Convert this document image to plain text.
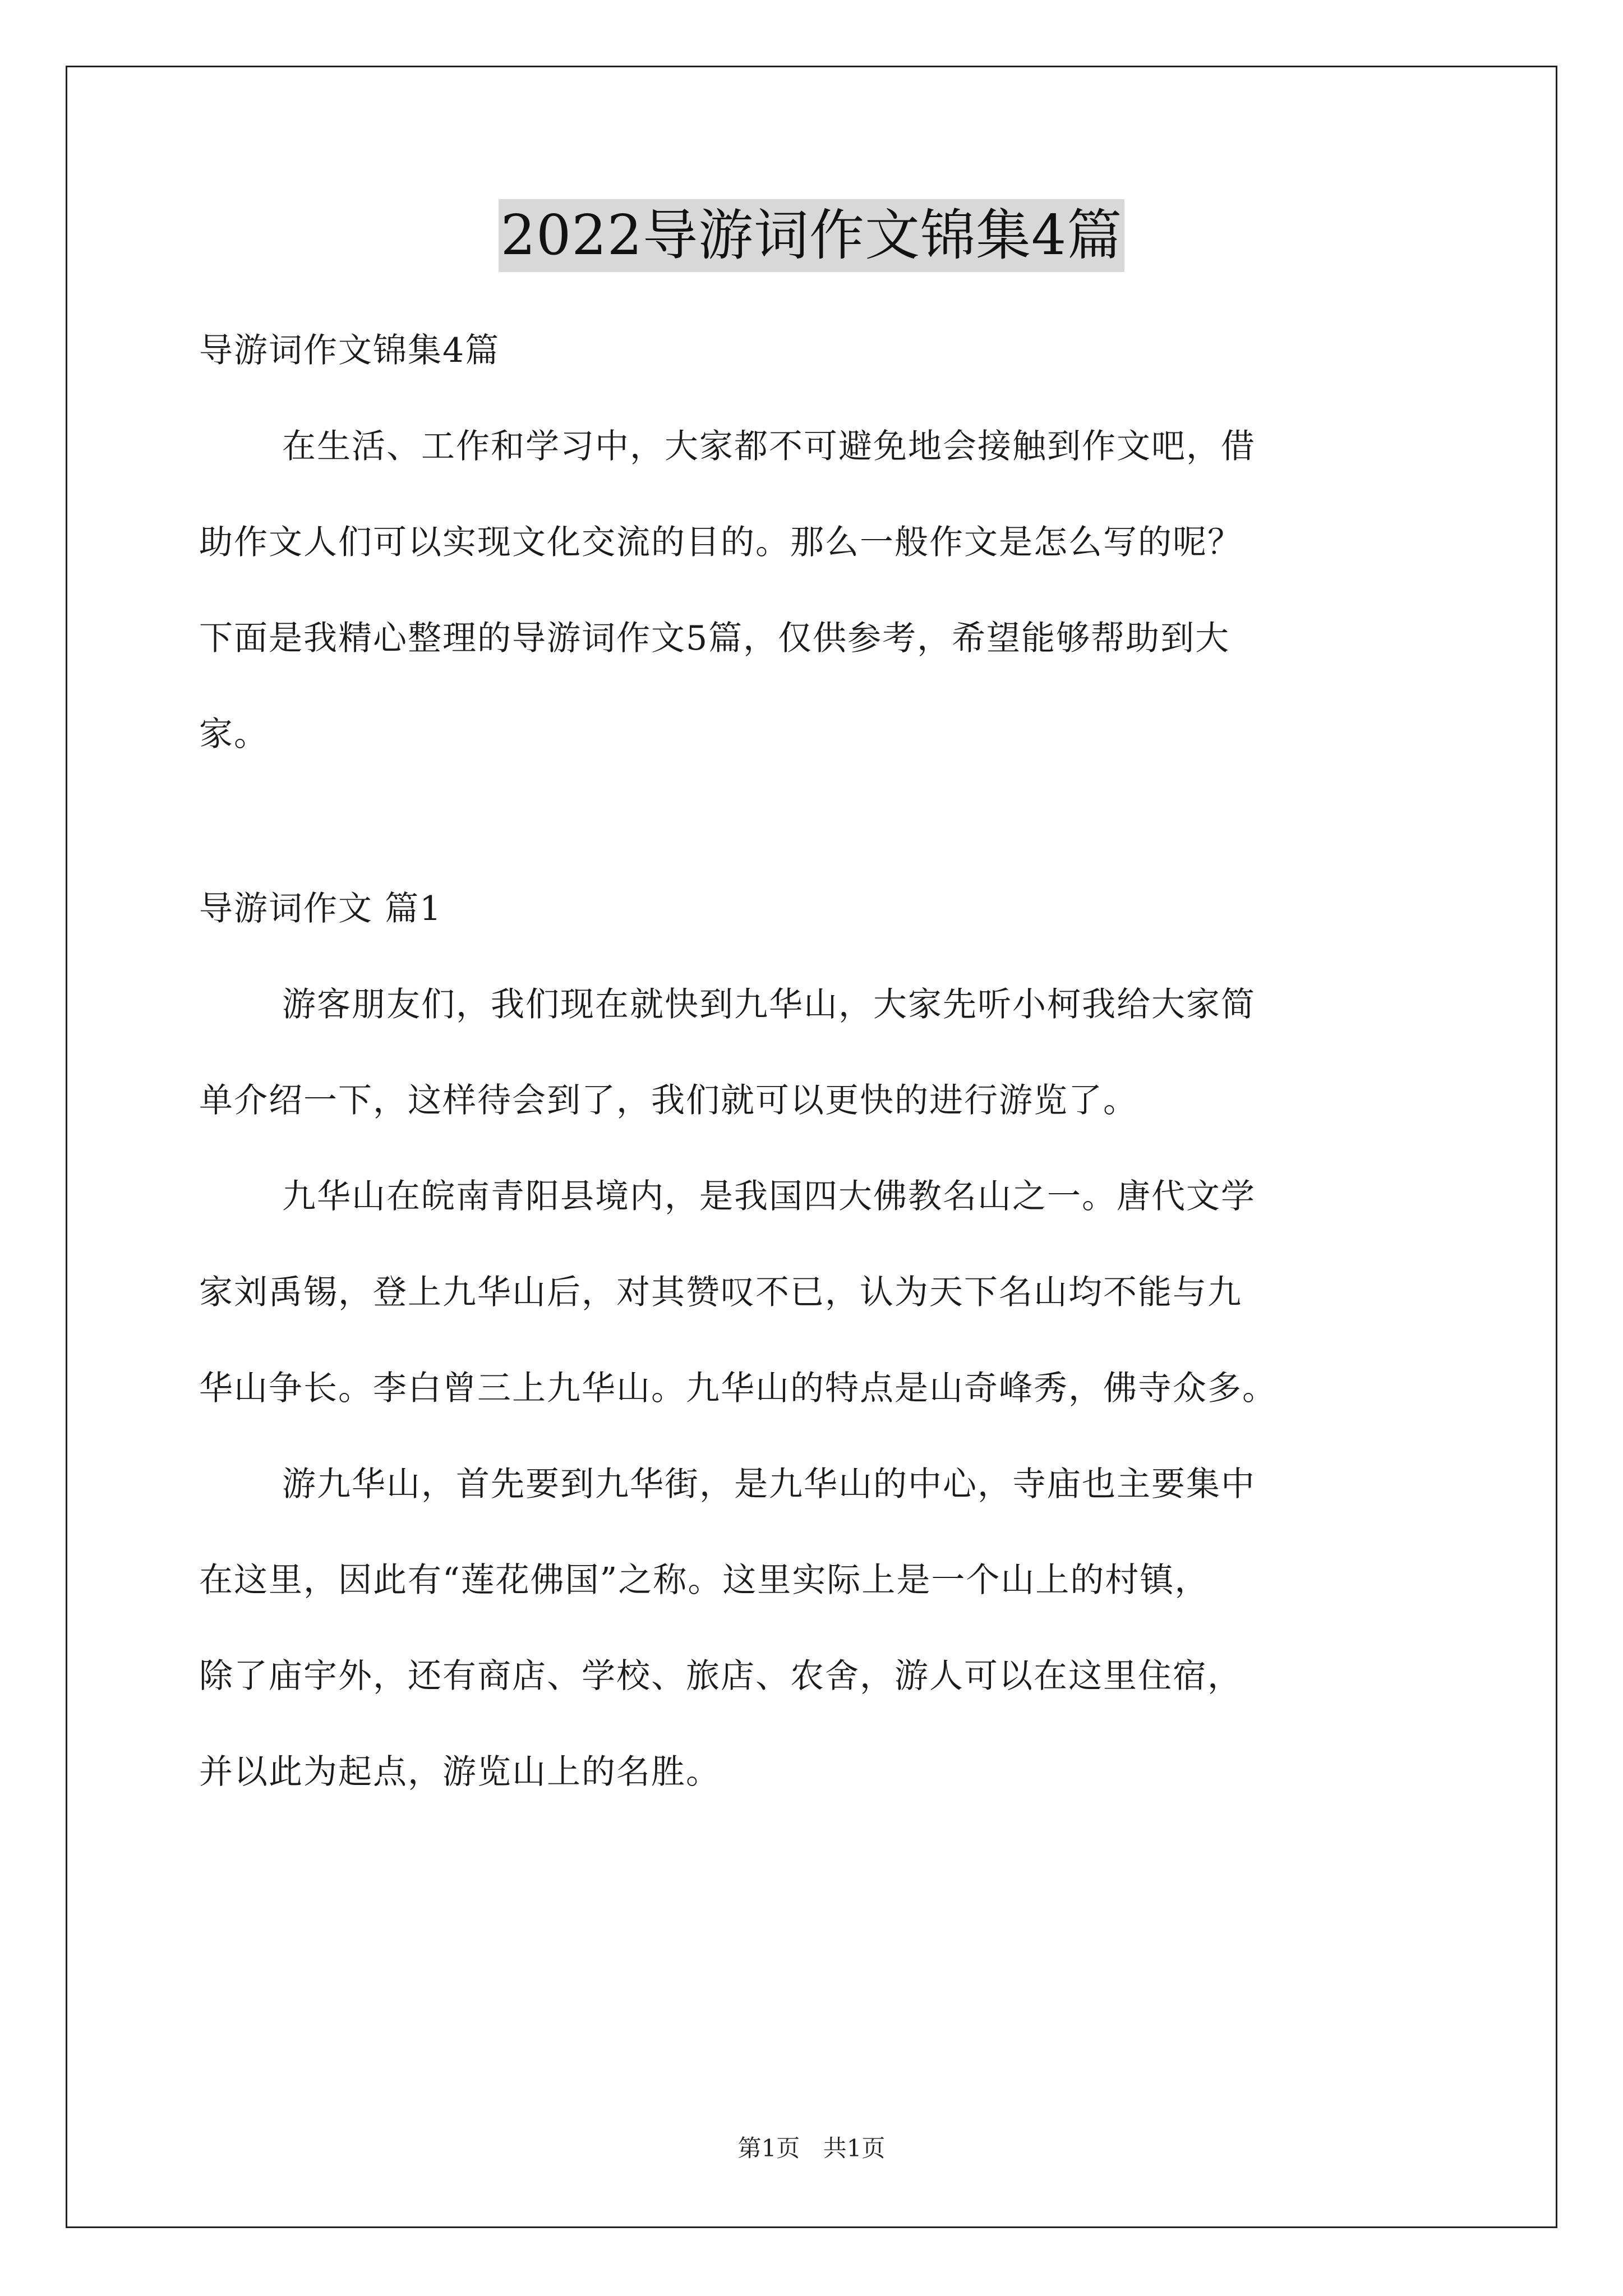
2022导游词作文锦集4篇
导游词作文锦集4篇
在生活、工作和学习中，大家都不可避免地会接触到作文吧，借
助作文人们可以实现文化交流的目的。那么一般作文是怎么写的呢？
下面是我精心整理的导游词作文5篇，仅供参考，希望能够帮助到大
家。
导游词作文 篇1
游客朋友们，我们现在就快到九华山，大家先听小柯我给大家简
单介绍一下，这样待会到了，我们就可以更快的进行游览了。
九华山在皖南青阳县境内，是我国四大佛教名山之一。唐代文学
家刘禹锡，登上九华山后，对其赞叹不已，认为天下名山均不能与九
华山争长。李白曾三上九华山。九华山的特点是山奇峰秀，佛寺众多。
游九华山，首先要到九华街，是九华山的中心，寺庙也主要集中
在这里，因此有“莲花佛国”之称。这里实际上是一个山上的村镇，
除了庙宇外，还有商店、学校、旅店、农舍，游人可以在这里住宿，
并以此为起点，游览山上的名胜。
第1页 共1页
